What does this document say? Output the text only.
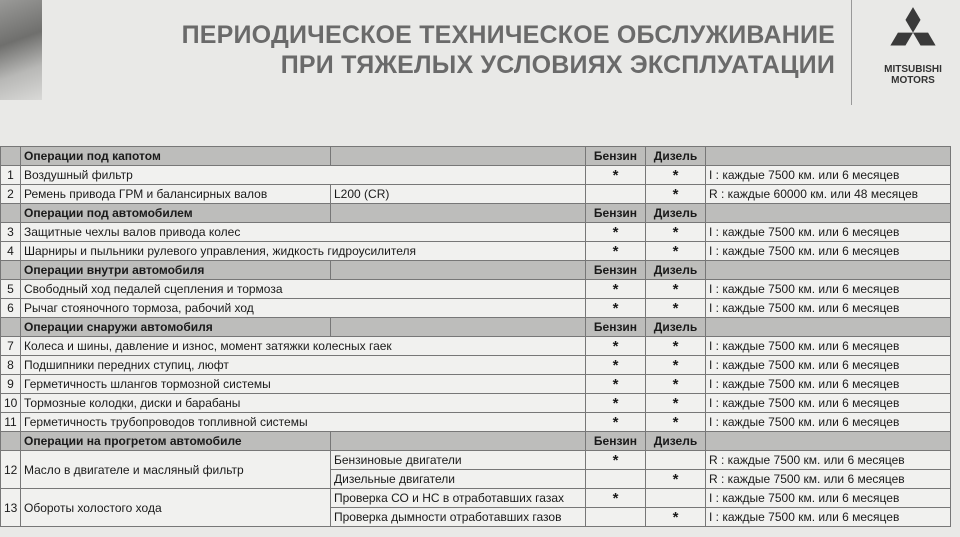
ПЕРИОДИЧЕСКОЕ ТЕХНИЧЕСКОЕ ОБСЛУЖИВАНИЕ
ПРИ ТЯЖЕЛЫХ УСЛОВИЯХ ЭКСПЛУАТАЦИИ	MITSUBISHI
MOTORS
	Операции под капотом		Бензин	Дизель	
1	Воздушный фильтр		*	*	I : каждые 7500 км. или 6 месяцев
2	Ремень привода ГРМ и балансирных валов	L200 (CR)		*	R : каждые 60000 км. или 48 месяцев
	Операции под автомобилем		Бензин	Дизель	
3	Защитные чехлы валов привода колес		*	*	I : каждые 7500 км. или 6 месяцев
4	Шарниры и пыльники рулевого управления, жидкость гидроусилителя		*	*	I : каждые 7500 км. или 6 месяцев
	Операции внутри автомобиля		Бензин	Дизель	
5	Свободный ход педалей сцепления и тормоза		*	*	I : каждые 7500 км. или 6 месяцев
6	Рычаг стояночного тормоза, рабочий ход		*	*	I : каждые 7500 км. или 6 месяцев
	Операции снаружи автомобиля		Бензин	Дизель	
7	Колеса и шины, давление и износ, момент затяжки колесных гаек		*	*	I : каждые 7500 км. или 6 месяцев
8	Подшипники передних ступиц, люфт		*	*	I : каждые 7500 км. или 6 месяцев
9	Герметичность шлангов тормозной системы		*	*	I : каждые 7500 км. или 6 месяцев
10	Тормозные колодки, диски и барабаны		*	*	I : каждые 7500 км. или 6 месяцев
11	Герметичность трубопроводов топливной системы		*	*	I : каждые 7500 км. или 6 месяцев
	Операции на прогретом автомобиле		Бензин	Дизель	
12	Масло в двигателе и масляный фильтр	Бензиновые двигатели	*		R : каждые 7500 км. или 6 месяцев
		Дизельные двигатели		*	R : каждые 7500 км. или 6 месяцев
13	Обороты холостого хода	Проверка СО и НС в отработавших газах	*		I : каждые 7500 км. или 6 месяцев
		Проверка дымности отработавших газов		*	I : каждые 7500 км. или 6 месяцев
